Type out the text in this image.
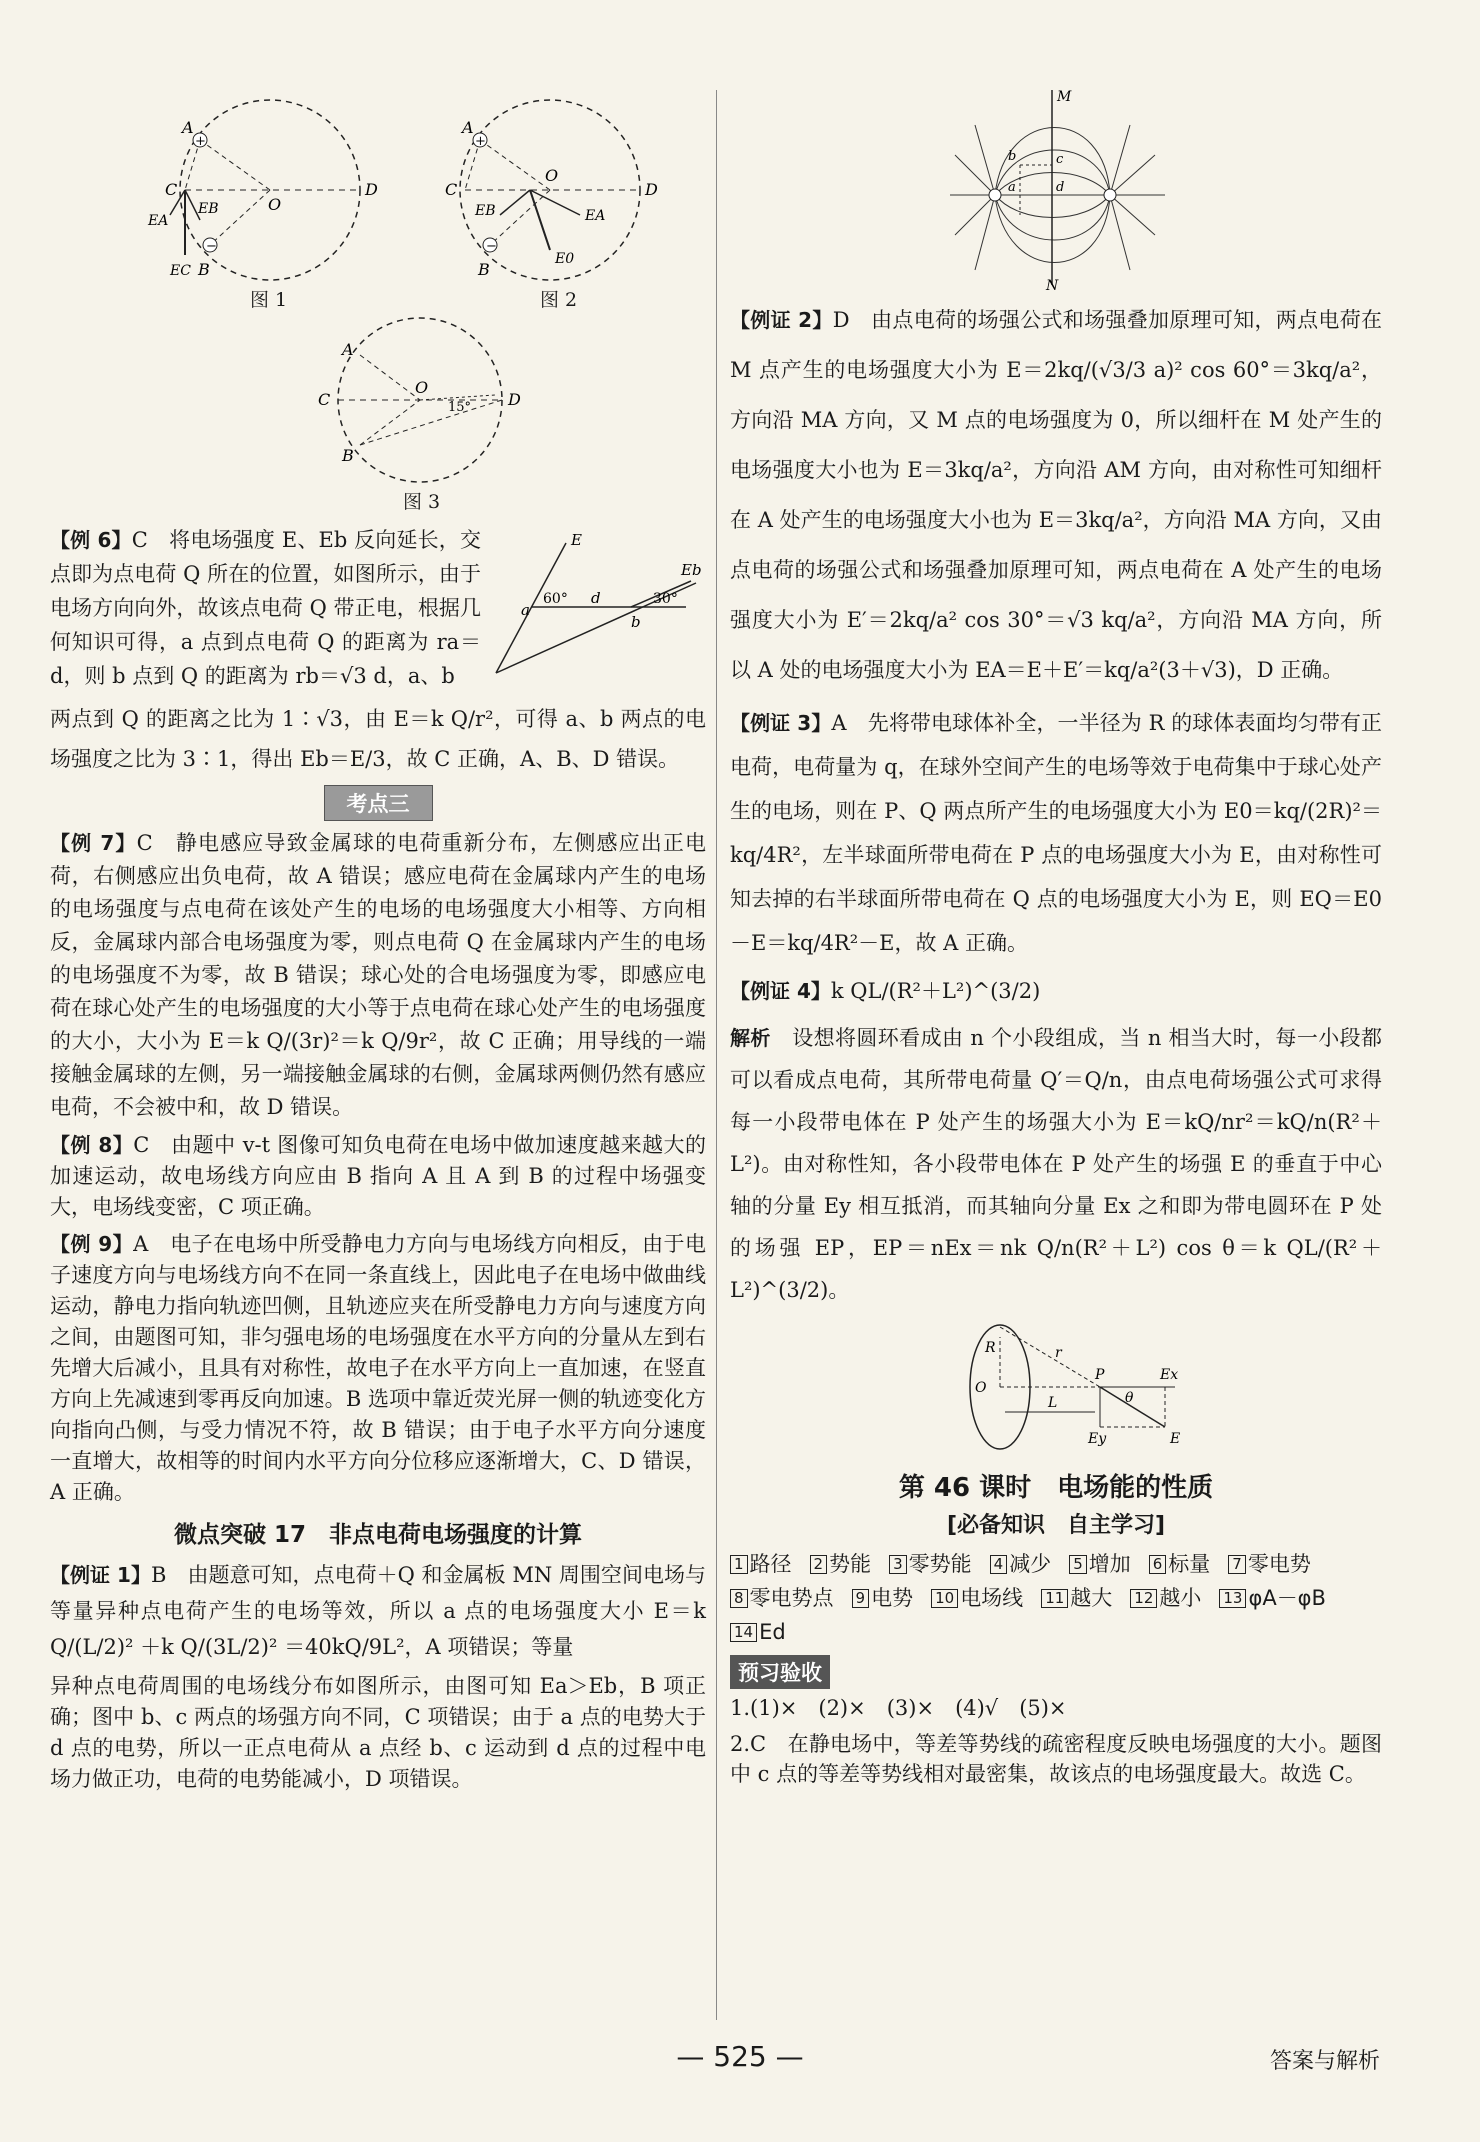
+
−
A
C
O
D
EA
EB
EC B
图 1
+
−
A
C
O
D
EA
EB
E0
B
图 2
A
C
O
D
B
15°
图 3
E
Eb
a
d
b
60°	30°

【例 6】C　将电场强度 E、Eb 反向延长，交点即为点电荷 Q 所在的位置，如图所示，由于电场方向向外，故该点电荷 Q 带正电，根据几何知识可得，a 点到点电荷 Q 的距离为 ra＝d，则 b 点到 Q 的距离为 rb＝√3 d，a、b

两点到 Q 的距离之比为 1∶√3，由 E＝k Q/r²，可得 a、b 两点的电场强度之比为 3∶1，得出 Eb＝E/3，故 C 正确，A、B、D 错误。

考点三

【例 7】C　静电感应导致金属球的电荷重新分布，左侧感应出正电荷，右侧感应出负电荷，故 A 错误；感应电荷在金属球内产生的电场的电场强度与点电荷在该处产生的电场的电场强度大小相等、方向相反，金属球内部合电场强度为零，则点电荷 Q 在金属球内产生的电场的电场强度不为零，故 B 错误；球心处的合电场强度为零，即感应电荷在球心处产生的电场强度的大小等于点电荷在球心处产生的电场强度的大小，大小为 E＝k Q/(3r)²＝k Q/9r²，故 C 正确；用导线的一端接触金属球的左侧，另一端接触金属球的右侧，金属球两侧仍然有感应电荷，不会被中和，故 D 错误。

【例 8】C　由题中 v-t 图像可知负电荷在电场中做加速度越来越大的加速运动，故电场线方向应由 B 指向 A 且 A 到 B 的过程中场强变大，电场线变密，C 项正确。

【例 9】A　电子在电场中所受静电力方向与电场线方向相反，由于电子速度方向与电场线方向不在同一条直线上，因此电子在电场中做曲线运动，静电力指向轨迹凹侧，且轨迹应夹在所受静电力方向与速度方向之间，由题图可知，非匀强电场的电场强度在水平方向的分量从左到右先增大后减小，且具有对称性，故电子在水平方向上一直加速，在竖直方向上先减速到零再反向加速。B 选项中靠近荧光屏一侧的轨迹变化方向指向凸侧，与受力情况不符，故 B 错误；由于电子水平方向分速度一直增大，故相等的时间内水平方向分位移应逐渐增大，C、D 错误，A 正确。

微点突破 17　非点电荷电场强度的计算

【例证 1】B　由题意可知，点电荷＋Q 和金属板 MN 周围空间电场与等量异种点电荷产生的电场等效，所以 a 点的电场强度大小 E＝k Q/(L/2)² ＋k Q/(3L/2)² ＝40kQ/9L²，A 项错误；等量

异种点电荷周围的电场线分布如图所示，由图可知 Ea＞Eb，B 项正确；图中 b、c 两点的场强方向不同，C 项错误；由于 a 点的电势大于 d 点的电势，所以一正点电荷从 a 点经 b、c 运动到 d 点的过程中电场力做正功，电荷的电势能减小，D 项错误。

M
N
b	c
a	d

【例证 2】D　由点电荷的场强公式和场强叠加原理可知，两点电荷在 M 点产生的电场强度大小为 E＝2kq/(√3/3 a)² cos 60°＝3kq/a²，方向沿 MA 方向，又 M 点的电场强度为 0，所以细杆在 M 处产生的电场强度大小也为 E＝3kq/a²，方向沿 AM 方向，由对称性可知细杆在 A 处产生的电场强度大小也为 E＝3kq/a²，方向沿 MA 方向，又由点电荷的场强公式和场强叠加原理可知，两点电荷在 A 处产生的电场强度大小为 E′＝2kq/a² cos 30°＝√3 kq/a²，方向沿 MA 方向，所以 A 处的电场强度大小为 EA＝E＋E′＝kq/a²(3＋√3)，D 正确。

【例证 3】A　先将带电球体补全，一半径为 R 的球体表面均匀带有正电荷，电荷量为 q，在球外空间产生的电场等效于电荷集中于球心处产生的电场，则在 P、Q 两点所产生的电场强度大小为 E0＝kq/(2R)²＝kq/4R²，左半球面所带电荷在 P 点的电场强度大小为 E，由对称性可知去掉的右半球面所带电荷在 Q 点的电场强度大小为 E，则 EQ＝E0－E＝kq/4R²－E，故 A 正确。

【例证 4】k QL/(R²＋L²)^(3/2)

解析　 设想将圆环看成由 n 个小段组成，当 n 相当大时，每一小段都可以看成点电荷，其所带电荷量 Q′＝Q/n，由点电荷场强公式可求得每一小段带电体在 P 处产生的场强大小为 E＝kQ/nr²＝kQ/n(R²＋L²)。由对称性知，各小段带电体在 P 处产生的场强 E 的垂直于中心轴的分量 Ey 相互抵消，而其轴向分量 Ex 之和即为带电圆环在 P 处的场强 EP，EP＝nEx＝nk Q/n(R²＋L²) cos θ＝k QL/(R²＋L²)^(3/2)。

R	r
P	Ex
O
L	θ
Ey	E
第 46 课时　电场能的性质
[必备知识　自主学习]
1 路径 2 势能 3 零势能 4 减少 5 增加 6 标量 7 零电势8 零电势点 9 电势 10 电场线 11 越大 12 越小 13 φA－φB14 Ed
预习验收

1.(1)×　(2)×　(3)×　(4)√　(5)×

2.C　在静电场中，等差等势线的疏密程度反映电场强度的大小。题图中 c 点的等差等势线相对最密集，故该点的电场强度最大。故选 C。

— 525 —	答案与解析
